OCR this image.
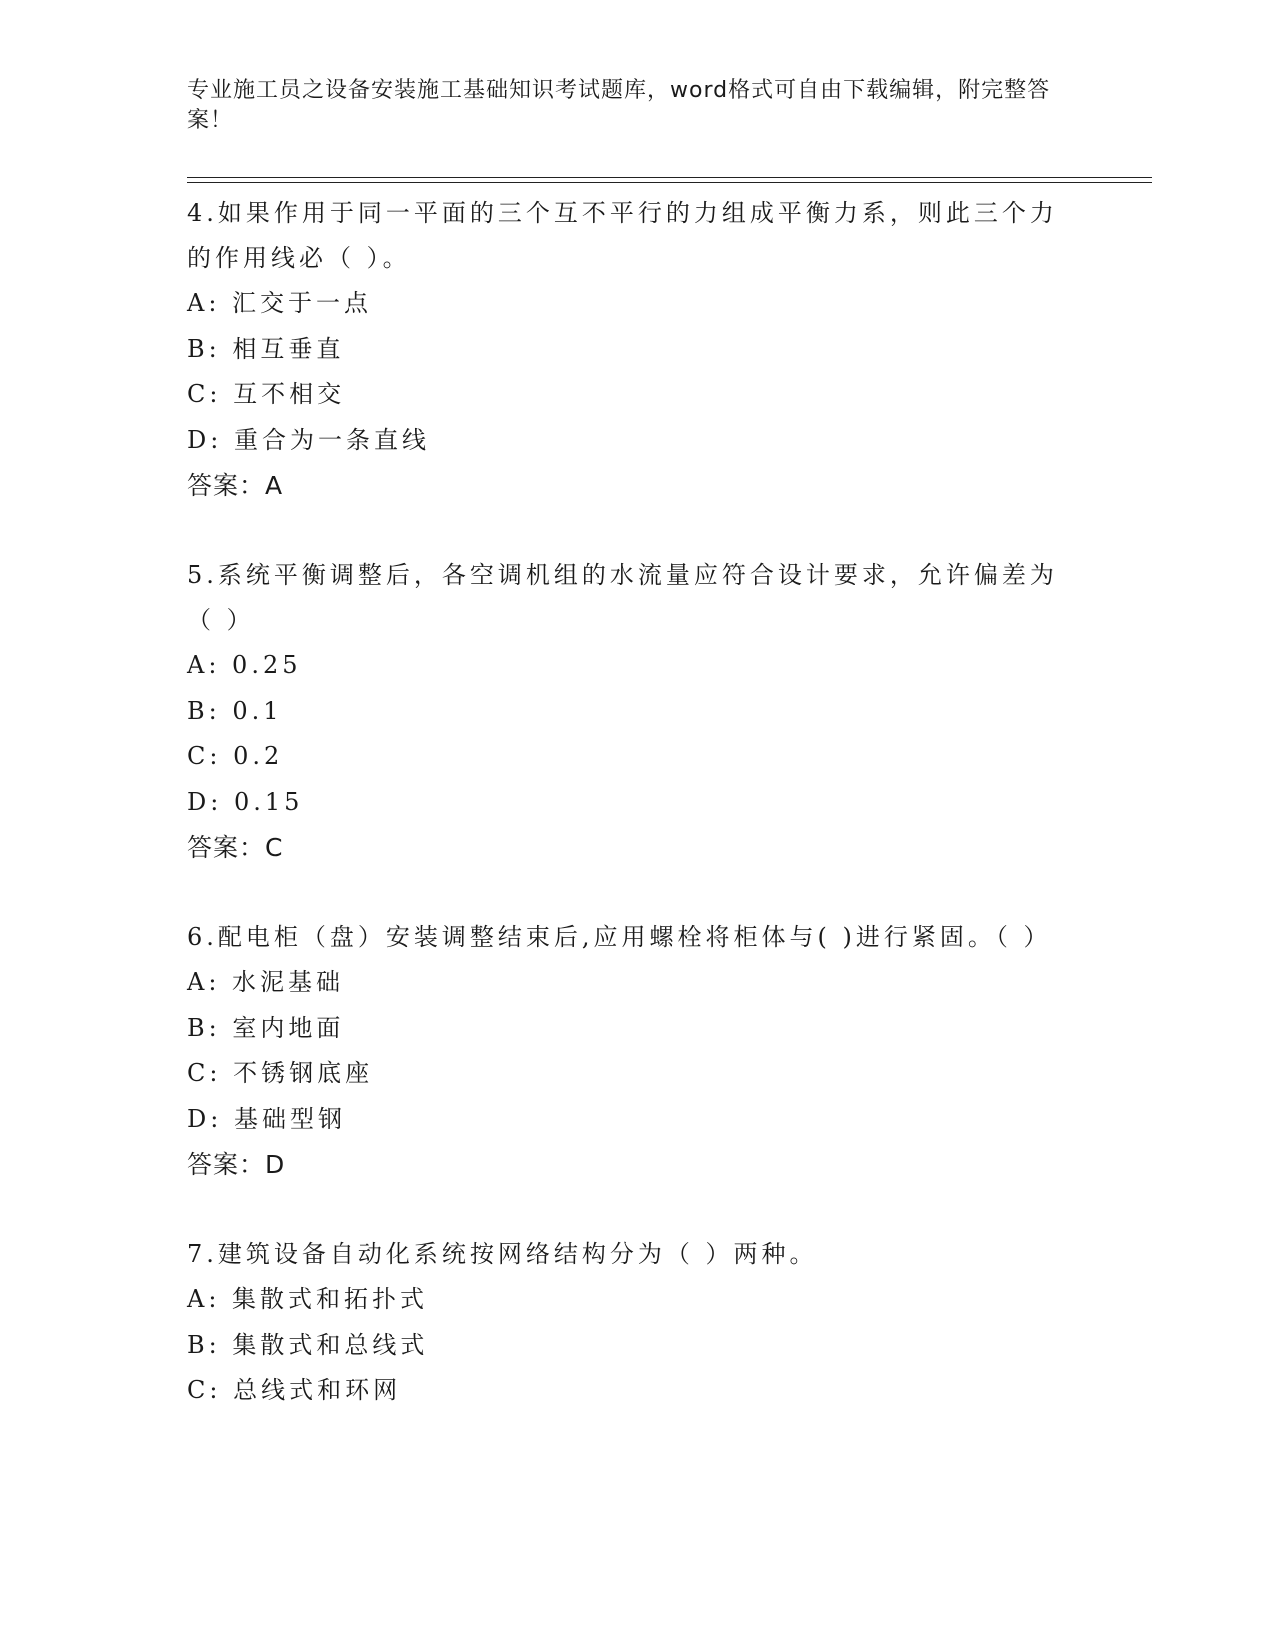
专业施工员之设备安装施工基础知识考试题库，word格式可自由下载编辑，附完整答案！
4.如果作用于同一平面的三个互不平行的力组成平衡力系，则此三个力的作用线必（ ）。
A: 汇交于一点
B: 相互垂直
C: 互不相交
D: 重合为一条直线
答案：A
5.系统平衡调整后，各空调机组的水流量应符合设计要求，允许偏差为（ ）
A: 0.25
B: 0.1
C: 0.2
D: 0.15
答案：C
6.配电柜（盘）安装调整结束后,应用螺栓将柜体与( )进行紧固。（ ）
A: 水泥基础
B: 室内地面
C: 不锈钢底座
D: 基础型钢
答案：D
7.建筑设备自动化系统按网络结构分为（ ）两种。
A: 集散式和拓扑式
B: 集散式和总线式
C: 总线式和环网
